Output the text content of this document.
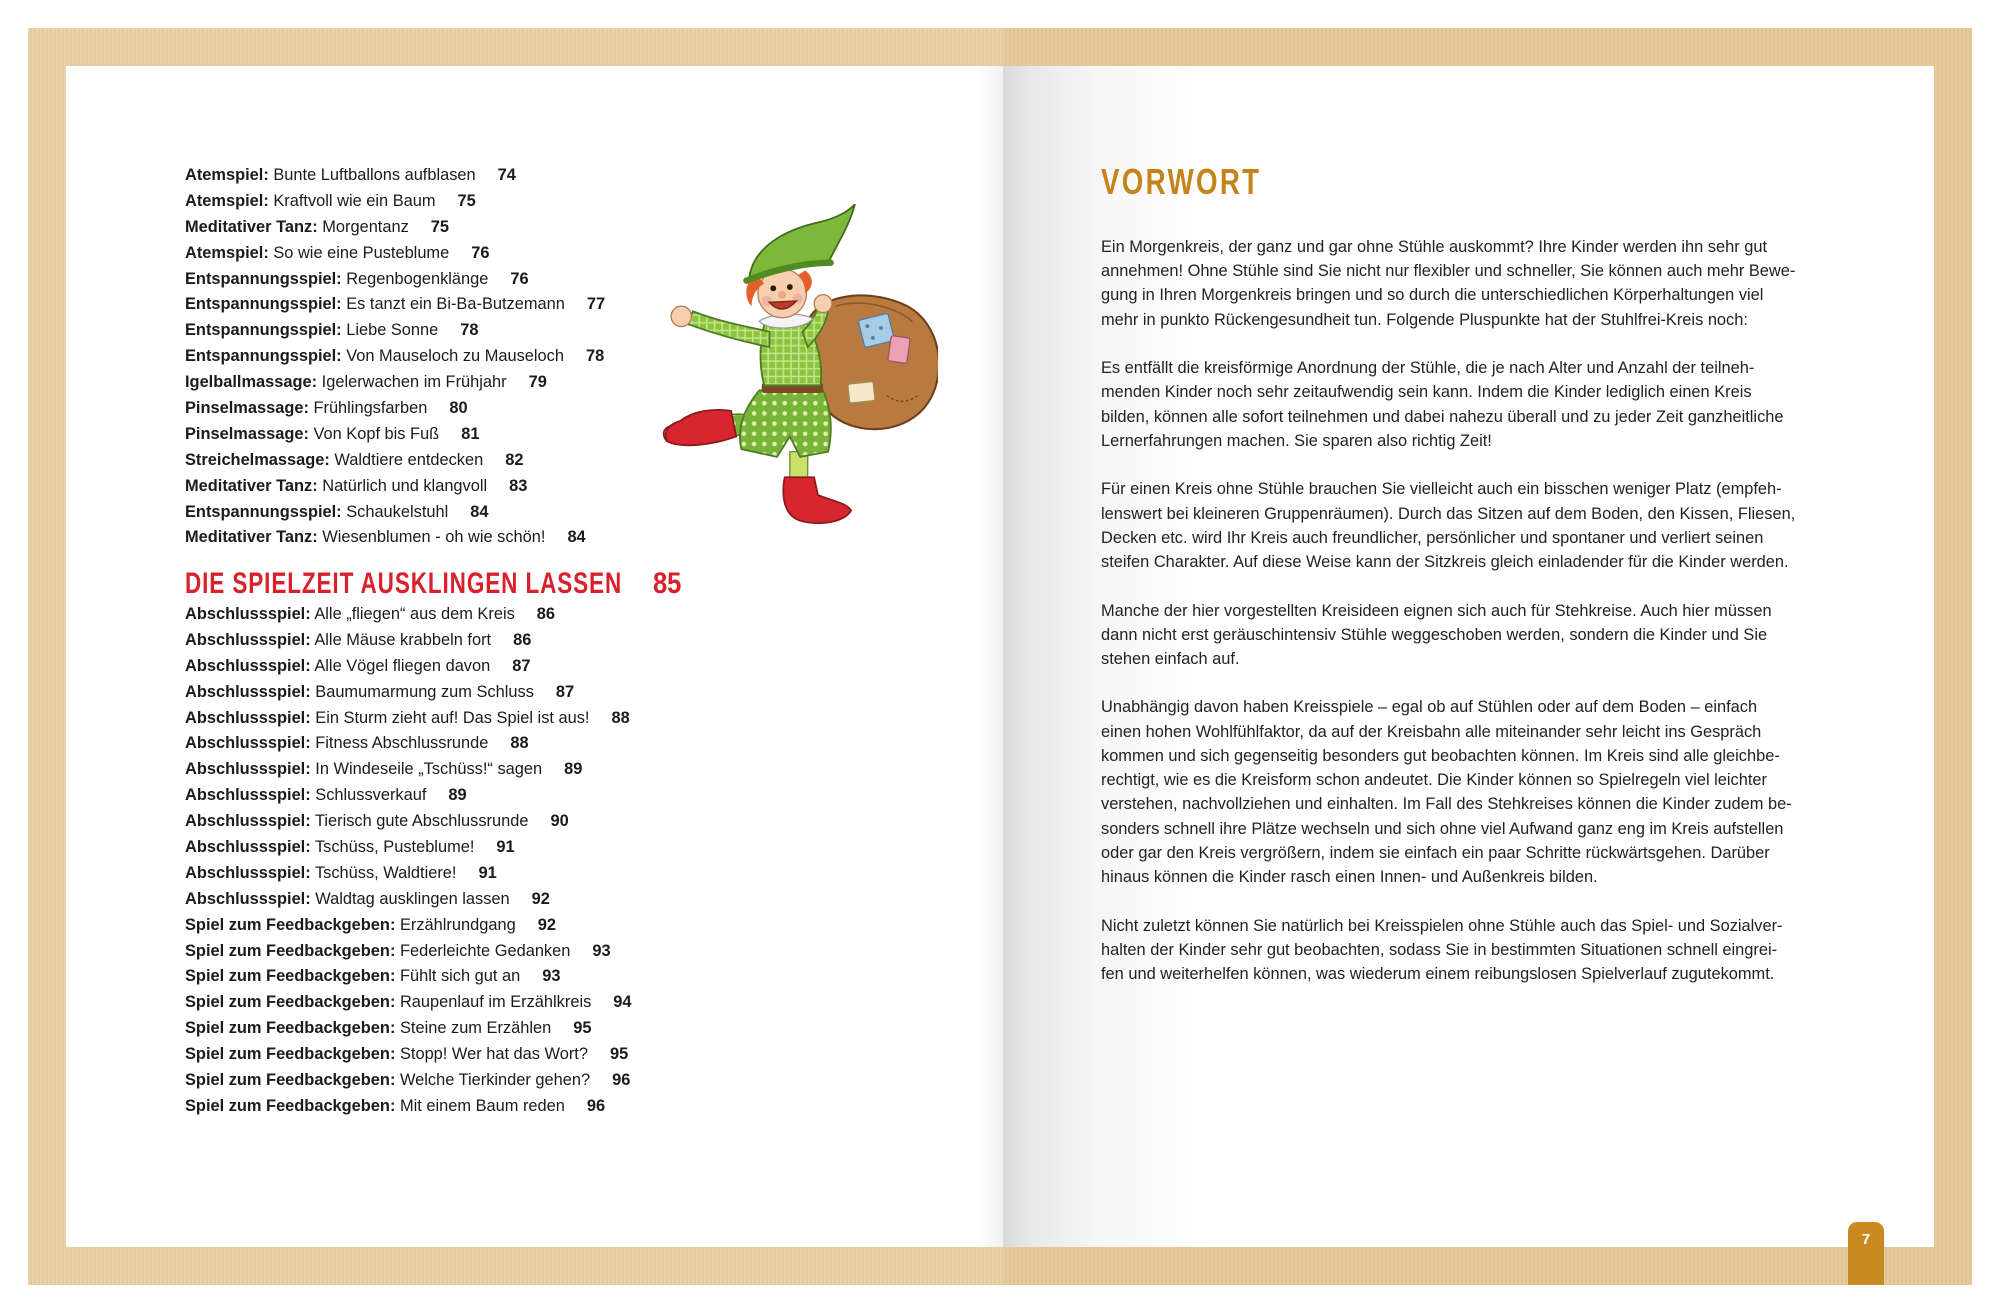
Atemspiel: Bunte Luftballons aufblasen 74
Atemspiel: Kraftvoll wie ein Baum 75
Meditativer Tanz: Morgentanz 75
Atemspiel: So wie eine Pusteblume 76
Entspannungsspiel: Regenbogenklänge 76
Entspannungsspiel: Es tanzt ein Bi-Ba-Butzemann 77
Entspannungsspiel: Liebe Sonne 78
Entspannungsspiel: Von Mauseloch zu Mauseloch 78
Igelballmassage: Igelerwachen im Frühjahr 79
Pinselmassage: Frühlingsfarben 80
Pinselmassage: Von Kopf bis Fuß 81
Streichelmassage: Waldtiere entdecken 82
Meditativer Tanz: Natürlich und klangvoll 83
Entspannungsspiel: Schaukelstuhl 84
Meditativer Tanz: Wiesenblumen - oh wie schön! 84
DIE SPIELZEIT AUSKLINGEN LASSEN 85
Abschlussspiel: Alle „fliegen“ aus dem Kreis 86
Abschlussspiel: Alle Mäuse krabbeln fort 86
Abschlussspiel: Alle Vögel fliegen davon 87
Abschlussspiel: Baumumarmung zum Schluss 87
Abschlussspiel: Ein Sturm zieht auf! Das Spiel ist aus! 88
Abschlussspiel: Fitness Abschlussrunde 88
Abschlussspiel: In Windeseile „Tschüss!“ sagen 89
Abschlussspiel: Schlussverkauf 89
Abschlussspiel: Tierisch gute Abschlussrunde 90
Abschlussspiel: Tschüss, Pusteblume! 91
Abschlussspiel: Tschüss, Waldtiere! 91
Abschlussspiel: Waldtag ausklingen lassen 92
Spiel zum Feedbackgeben: Erzählrundgang 92
Spiel zum Feedbackgeben: Federleichte Gedanken 93
Spiel zum Feedbackgeben: Fühlt sich gut an 93
Spiel zum Feedbackgeben: Raupenlauf im Erzählkreis 94
Spiel zum Feedbackgeben: Steine zum Erzählen 95
Spiel zum Feedbackgeben: Stopp! Wer hat das Wort? 95
Spiel zum Feedbackgeben: Welche Tierkinder gehen? 96
Spiel zum Feedbackgeben: Mit einem Baum reden 96
VORWORT

Ein Morgenkreis, der ganz und gar ohne Stühle auskommt? Ihre Kinder werden ihn sehr gut
annehmen! Ohne Stühle sind Sie nicht nur flexibler und schneller, Sie können auch mehr Bewe-
gung in Ihren Morgenkreis bringen und so durch die unterschiedlichen Körperhaltungen viel
mehr in punkto Rückengesundheit tun. Folgende Pluspunkte hat der Stuhlfrei-Kreis noch:

Es entfällt die kreisförmige Anordnung der Stühle, die je nach Alter und Anzahl der teilneh-
menden Kinder noch sehr zeitaufwendig sein kann. Indem die Kinder lediglich einen Kreis
bilden, können alle sofort teilnehmen und dabei nahezu überall und zu jeder Zeit ganzheitliche
Lernerfahrungen machen. Sie sparen also richtig Zeit!

Für einen Kreis ohne Stühle brauchen Sie vielleicht auch ein bisschen weniger Platz (empfeh-
lenswert bei kleineren Gruppenräumen). Durch das Sitzen auf dem Boden, den Kissen, Fliesen,
Decken etc. wird Ihr Kreis auch freundlicher, persönlicher und spontaner und verliert seinen
steifen Charakter. Auf diese Weise kann der Sitzkreis gleich einladender für die Kinder werden.

Manche der hier vorgestellten Kreisideen eignen sich auch für Stehkreise. Auch hier müssen
dann nicht erst geräuschintensiv Stühle weggeschoben werden, sondern die Kinder und Sie
stehen einfach auf.

Unabhängig davon haben Kreisspiele – egal ob auf Stühlen oder auf dem Boden – einfach
einen hohen Wohlfühlfaktor, da auf der Kreisbahn alle miteinander sehr leicht ins Gespräch
kommen und sich gegenseitig besonders gut beobachten können. Im Kreis sind alle gleichbe-
rechtigt, wie es die Kreisform schon andeutet. Die Kinder können so Spielregeln viel leichter
verstehen, nachvollziehen und einhalten. Im Fall des Stehkreises können die Kinder zudem be-
sonders schnell ihre Plätze wechseln und sich ohne viel Aufwand ganz eng im Kreis aufstellen
oder gar den Kreis vergrößern, indem sie einfach ein paar Schritte rückwärtsgehen. Darüber
hinaus können die Kinder rasch einen Innen- und Außenkreis bilden.

Nicht zuletzt können Sie natürlich bei Kreisspielen ohne Stühle auch das Spiel- und Sozialver-
halten der Kinder sehr gut beobachten, sodass Sie in bestimmten Situationen schnell eingrei-
fen und weiterhelfen können, was wiederum einem reibungslosen Spielverlauf zugutekommt.

7
